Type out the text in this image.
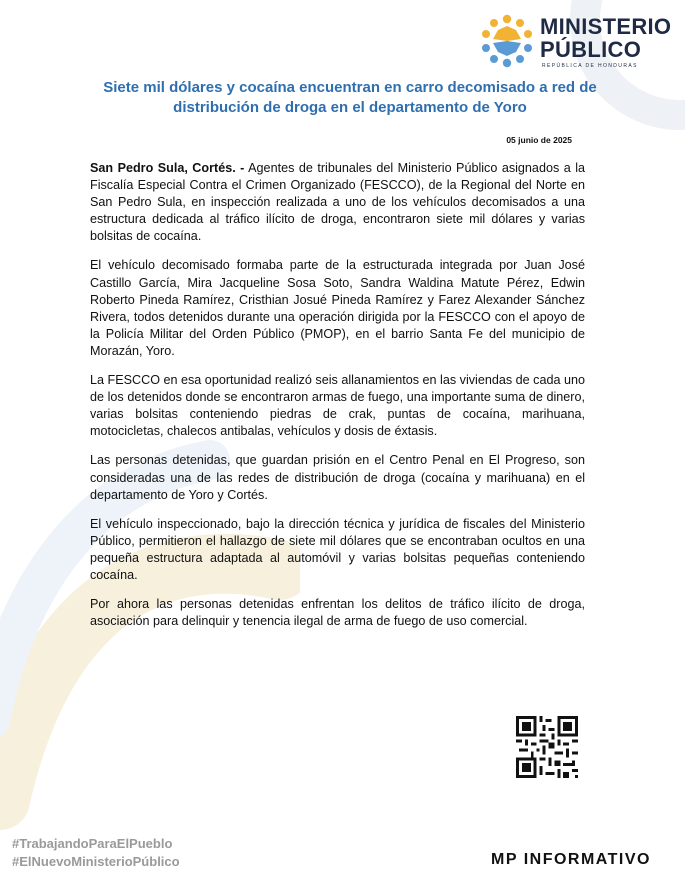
MINISTERIO
PÚBLICO
REPÚBLICA DE HONDURAS
Siete mil dólares y cocaína encuentran en carro decomisado a red de distribución de droga en el departamento de Yoro
05 junio de 2025

San Pedro Sula, Cortés. - Agentes de tribunales del Ministerio Público asignados a la Fiscalía Especial Contra el Crimen Organizado (FESCCO), de la Regional del Norte en San Pedro Sula, en inspección realizada a uno de los vehículos decomisados a una estructura dedicada al tráfico ilícito de droga, encontraron siete mil dólares y varias bolsitas de cocaína.

El vehículo decomisado formaba parte de la estructurada integrada por Juan José Castillo García, Mira Jacqueline Sosa Soto, Sandra Waldina Matute Pérez, Edwin Roberto Pineda Ramírez, Cristhian Josué Pineda Ramírez y Farez Alexander Sánchez Rivera, todos detenidos durante una operación dirigida por la FESCCO con el apoyo de la Policía Militar del Orden Público (PMOP), en el barrio Santa Fe del municipio de Morazán, Yoro.

La FESCCO en esa oportunidad realizó seis allanamientos en las viviendas de cada uno de los detenidos donde se encontraron armas de fuego, una importante suma de dinero, varias bolsitas conteniendo piedras de crak, puntas de cocaína, marihuana, motocicletas, chalecos antibalas, vehículos y dosis de éxtasis.

Las personas detenidas, que guardan prisión en el Centro Penal en El Progreso, son consideradas una de las redes de distribución de droga (cocaína y marihuana) en el departamento de Yoro y Cortés.

El vehículo inspeccionado, bajo la dirección técnica y jurídica de fiscales del Ministerio Público, permitieron el hallazgo de siete mil dólares que se encontraban ocultos en una pequeña estructura adaptada al automóvil y varias bolsitas pequeñas conteniendo cocaína.

Por ahora las personas detenidas enfrentan los delitos de tráfico ilícito de droga, asociación para delinquir y tenencia ilegal de arma de fuego de uso comercial.

#TrabajandoParaElPueblo
#ElNuevoMinisterioPúblico	MP INFORMATIVO
